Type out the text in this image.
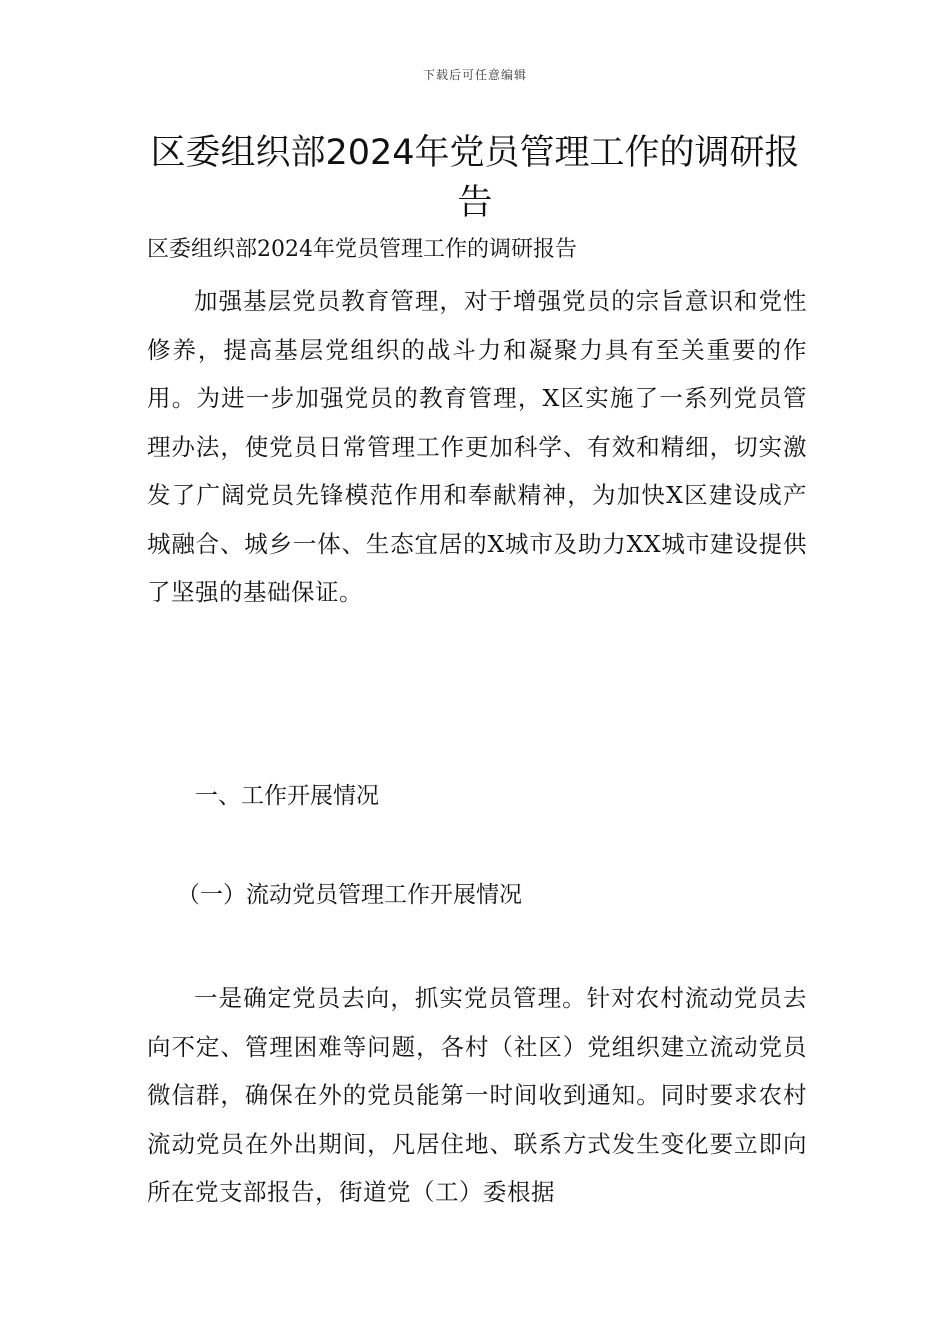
下载后可任意编辑
区委组织部2024年党员管理工作的调研报告

区委组织部2024年党员管理工作的调研报告

加强基层党员教育管理，对于增强党员的宗旨意识和党性修养，提高基层党组织的战斗力和凝聚力具有至关重要的作用。为进一步加强党员的教育管理，X区实施了一系列党员管理办法，使党员日常管理工作更加科学、有效和精细，切实激发了广阔党员先锋模范作用和奉献精神，为加快X区建设成产城融合、城乡一体、生态宜居的X城市及助力XX城市建设提供了坚强的基础保证。

一、工作开展情况
（一）流动党员管理工作开展情况

一是确定党员去向，抓实党员管理。针对农村流动党员去向不定、管理困难等问题，各村（社区）党组织建立流动党员微信群，确保在外的党员能第一时间收到通知。同时要求农村流动党员在外出期间，凡居住地、联系方式发生变化要立即向所在党支部报告，街道党（工）委根据
